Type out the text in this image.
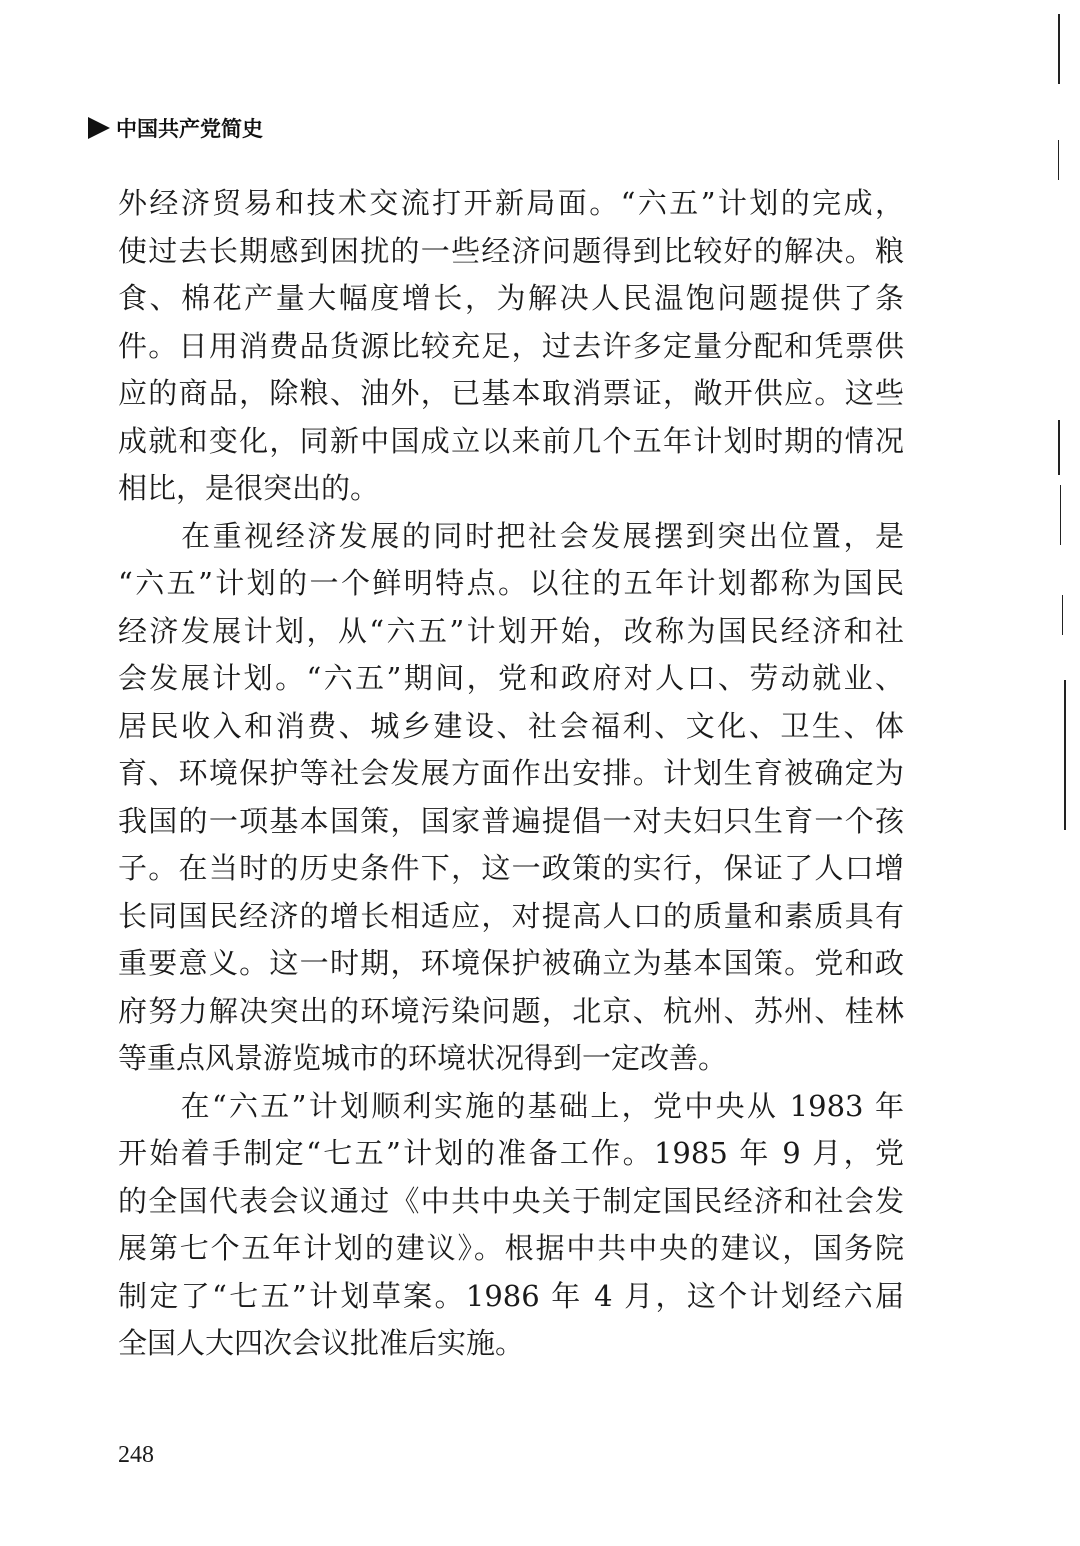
中国共产党简史
外经济贸易和技术交流打开新局面。“六五”计划的完成，
使过去长期感到困扰的一些经济问题得到比较好的解决。粮
食、棉花产量大幅度增长，为解决人民温饱问题提供了条
件。日用消费品货源比较充足，过去许多定量分配和凭票供
应的商品，除粮、油外，已基本取消票证，敞开供应。这些
成就和变化，同新中国成立以来前几个五年计划时期的情况
相比，是很突出的。
　　在重视经济发展的同时把社会发展摆到突出位置，是
“六五”计划的一个鲜明特点。以往的五年计划都称为国民
经济发展计划，从“六五”计划开始，改称为国民经济和社
会发展计划。“六五”期间，党和政府对人口、劳动就业、
居民收入和消费、城乡建设、社会福利、文化、卫生、体
育、环境保护等社会发展方面作出安排。计划生育被确定为
我国的一项基本国策，国家普遍提倡一对夫妇只生育一个孩
子。在当时的历史条件下，这一政策的实行，保证了人口增
长同国民经济的增长相适应，对提高人口的质量和素质具有
重要意义。这一时期，环境保护被确立为基本国策。党和政
府努力解决突出的环境污染问题，北京、杭州、苏州、桂林
等重点风景游览城市的环境状况得到一定改善。
　　在“六五”计划顺利实施的基础上，党中央从 1983 年
开始着手制定“七五”计划的准备工作。1985 年 9 月，党
的全国代表会议通过《中共中央关于制定国民经济和社会发
展第七个五年计划的建议》。根据中共中央的建议，国务院
制定了“七五”计划草案。1986 年 4 月，这个计划经六届
全国人大四次会议批准后实施。
248
